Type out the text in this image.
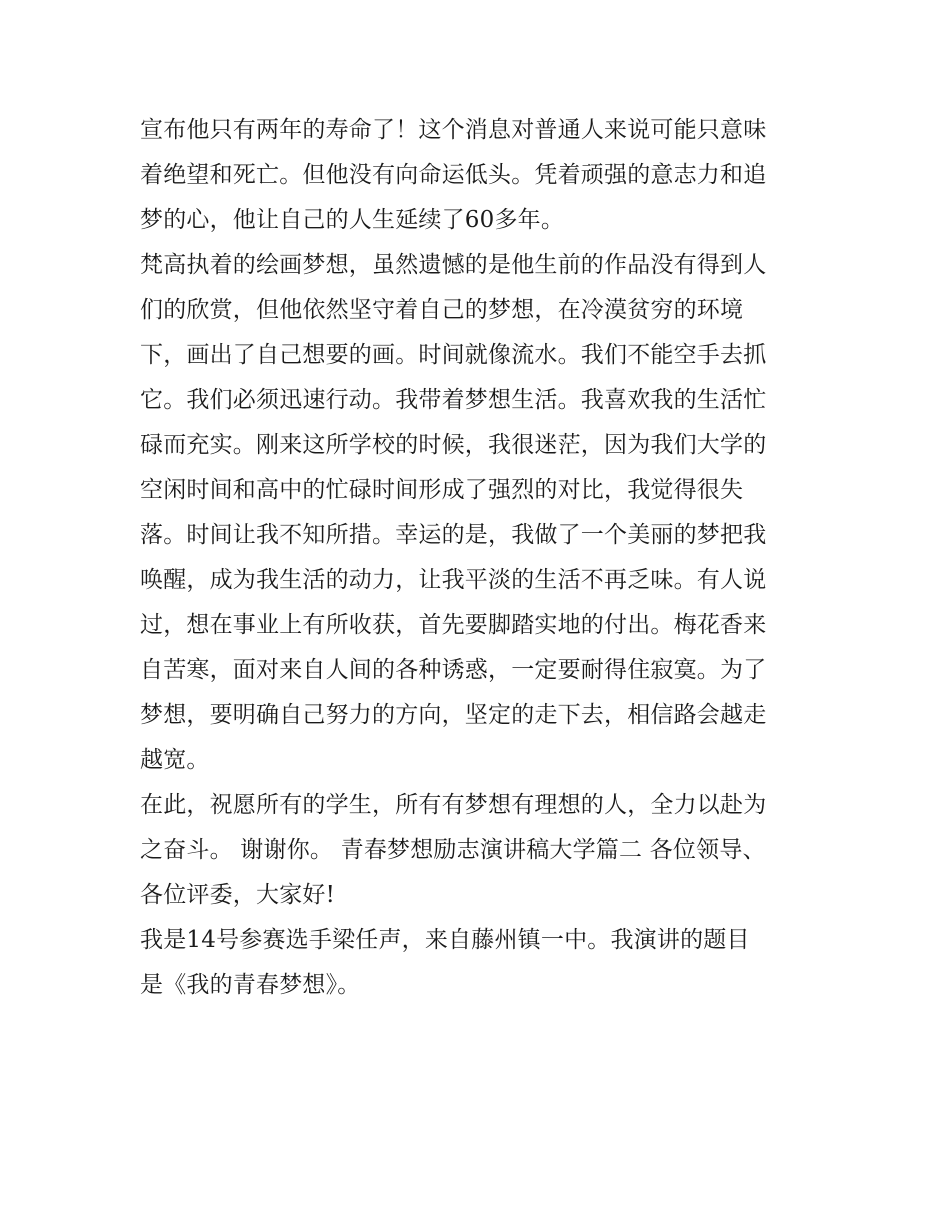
宣布他只有两年的寿命了！这个消息对普通人来说可能只意味
着绝望和死亡。但他没有向命运低头。凭着顽强的意志力和追
梦的心，他让自己的人生延续了60多年。
梵高执着的绘画梦想，虽然遗憾的是他生前的作品没有得到人
们的欣赏，但他依然坚守着自己的梦想，在冷漠贫穷的环境
下，画出了自己想要的画。时间就像流水。我们不能空手去抓
它。我们必须迅速行动。我带着梦想生活。我喜欢我的生活忙
碌而充实。刚来这所学校的时候，我很迷茫，因为我们大学的
空闲时间和高中的忙碌时间形成了强烈的对比，我觉得很失
落。时间让我不知所措。幸运的是，我做了一个美丽的梦把我
唤醒，成为我生活的动力，让我平淡的生活不再乏味。有人说
过，想在事业上有所收获，首先要脚踏实地的付出。梅花香来
自苦寒，面对来自人间的各种诱惑，一定要耐得住寂寞。为了
梦想，要明确自己努力的方向，坚定的走下去，相信路会越走
越宽。
在此，祝愿所有的学生，所有有梦想有理想的人，全力以赴为
之奋斗。 谢谢你。 青春梦想励志演讲稿大学篇二 各位领导、
各位评委，大家好!
我是14号参赛选手梁任声，来自藤州镇一中。我演讲的题目
是《我的青春梦想》。
